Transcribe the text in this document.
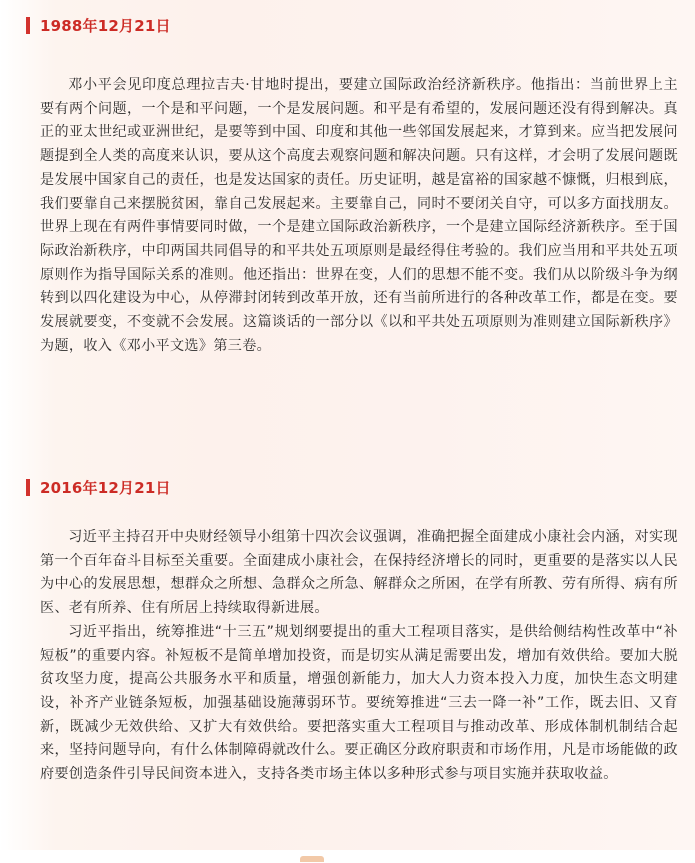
1988年12月21日

邓小平会见印度总理拉吉夫·甘地时提出，要建立国际政治经济新秩序。他指出：当前世界上主要有两个问题，一个是和平问题，一个是发展问题。和平是有希望的，发展问题还没有得到解决。真正的亚太世纪或亚洲世纪，是要等到中国、印度和其他一些邻国发展起来，才算到来。应当把发展问题提到全人类的高度来认识，要从这个高度去观察问题和解决问题。只有这样，才会明了发展问题既是发展中国家自己的责任，也是发达国家的责任。历史证明，越是富裕的国家越不慷慨，归根到底，我们要靠自己来摆脱贫困，靠自己发展起来。主要靠自己，同时不要闭关自守，可以多方面找朋友。世界上现在有两件事情要同时做，一个是建立国际政治新秩序，一个是建立国际经济新秩序。至于国际政治新秩序，中印两国共同倡导的和平共处五项原则是最经得住考验的。我们应当用和平共处五项原则作为指导国际关系的准则。他还指出：世界在变，人们的思想不能不变。我们从以阶级斗争为纲转到以四化建设为中心，从停滞封闭转到改革开放，还有当前所进行的各种改革工作，都是在变。要发展就要变，不变就不会发展。这篇谈话的一部分以《以和平共处五项原则为准则建立国际新秩序》为题，收入《邓小平文选》第三卷。

2016年12月21日

习近平主持召开中央财经领导小组第十四次会议强调，准确把握全面建成小康社会内涵，对实现第一个百年奋斗目标至关重要。全面建成小康社会，在保持经济增长的同时，更重要的是落实以人民为中心的发展思想，想群众之所想、急群众之所急、解群众之所困，在学有所教、劳有所得、病有所医、老有所养、住有所居上持续取得新进展。

习近平指出，统筹推进“十三五”规划纲要提出的重大工程项目落实，是供给侧结构性改革中“补短板”的重要内容。补短板不是简单增加投资，而是切实从满足需要出发，增加有效供给。要加大脱贫攻坚力度，提高公共服务水平和质量，增强创新能力，加大人力资本投入力度，加快生态文明建设，补齐产业链条短板，加强基础设施薄弱环节。要统筹推进“三去一降一补”工作，既去旧、又育新，既减少无效供给、又扩大有效供给。要把落实重大工程项目与推动改革、形成体制机制结合起来，坚持问题导向，有什么体制障碍就改什么。要正确区分政府职责和市场作用，凡是市场能做的政府要创造条件引导民间资本进入，支持各类市场主体以多种形式参与项目实施并获取收益。
